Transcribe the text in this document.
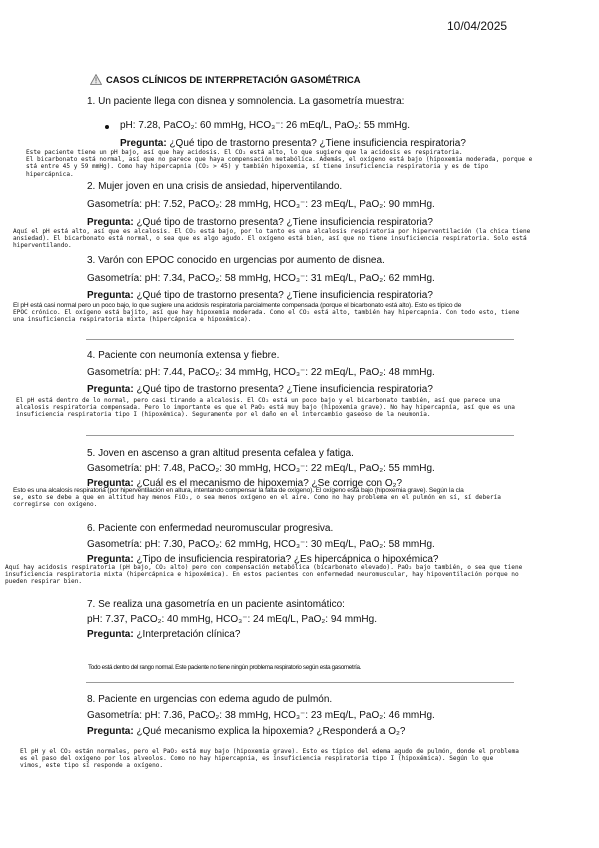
10/04/2025
CASOS CLÍNICOS DE INTERPRETACIÓN GASOMÉTRICA
1. Un paciente llega con disnea y somnolencia. La gasometría muestra:
pH: 7.28, PaCO₂: 60 mmHg, HCO₃⁻: 26 mEq/L, PaO₂: 55 mmHg.
Pregunta: ¿Qué tipo de trastorno presenta? ¿Tiene insuficiencia respiratoria?
Este paciente tiene un pH bajo, así que hay acidosis. El CO₂ está alto, lo que sugiere que la acidosis es respiratoria.
El bicarbonato está normal, así que no parece que haya compensación metabólica. Además, el oxígeno está bajo (hipoxemia moderada, porque e
stá entre 45 y 59 mmHg). Como hay hipercapnia (CO₂ > 45) y también hipoxemia, sí tiene insuficiencia respiratoria y es de tipo
hipercápnica.
2. Mujer joven en una crisis de ansiedad, hiperventilando.
Gasometría: pH: 7.52, PaCO₂: 28 mmHg, HCO₃⁻: 23 mEq/L, PaO₂: 90 mmHg.
Pregunta: ¿Qué tipo de trastorno presenta? ¿Tiene insuficiencia respiratoria?
Aquí el pH está alto, así que es alcalosis. El CO₂ está bajo, por lo tanto es una alcalosis respiratoria por hiperventilación (la chica tiene
ansiedad). El bicarbonato está normal, o sea que es algo agudo. El oxígeno está bien, así que no tiene insuficiencia respiratoria. Solo está
hiperventilando.
3. Varón con EPOC conocido en urgencias por aumento de disnea.
Gasometría: pH: 7.34, PaCO₂: 58 mmHg, HCO₃⁻: 31 mEq/L, PaO₂: 62 mmHg.
Pregunta: ¿Qué tipo de trastorno presenta? ¿Tiene insuficiencia respiratoria?
El pH está casi normal pero un poco bajo, lo que sugiere una acidosis respiratoria parcialmente compensada (porque el bicarbonato está alto). Esto es típico de
EPOC crónico. El oxígeno está bajito, así que hay hipoxemia moderada. Como el CO₂ está alto, también hay hipercapnia. Con todo esto, tiene
una insuficiencia respiratoria mixta (hipercápnica e hipoxémica).
4. Paciente con neumonía extensa y fiebre.
Gasometría: pH: 7.44, PaCO₂: 34 mmHg, HCO₃⁻: 22 mEq/L, PaO₂: 48 mmHg.
Pregunta: ¿Qué tipo de trastorno presenta? ¿Tiene insuficiencia respiratoria?
El pH está dentro de lo normal, pero casi tirando a alcalosis. El CO₂ está un poco bajo y el bicarbonato también, así que parece una
alcalosis respiratoria compensada. Pero lo importante es que el PaO₂ está muy bajo (hipoxemia grave). No hay hipercapnia, así que es una
insuficiencia respiratoria tipo I (hipoxémica). Seguramente por el daño en el intercambio gaseoso de la neumonía.
5. Joven en ascenso a gran altitud presenta cefalea y fatiga.
Gasometría: pH: 7.48, PaCO₂: 30 mmHg, HCO₃⁻: 22 mEq/L, PaO₂: 55 mmHg.
Pregunta: ¿Cuál es el mecanismo de hipoxemia? ¿Se corrige con O₂?
Esto es una alcalosis respiratoria (por hiperventilación en altura, intentando compensar la falta de oxígeno). El oxígeno está bajo (hipoxemia grave). Según la cla
se, esto se debe a que en altitud hay menos FiO₂, o sea menos oxígeno en el aire. Como no hay problema en el pulmón en sí, sí debería
corregirse con oxígeno.
6. Paciente con enfermedad neuromuscular progresiva.
Gasometría: pH: 7.30, PaCO₂: 62 mmHg, HCO₃⁻: 30 mEq/L, PaO₂: 58 mmHg.
Pregunta: ¿Tipo de insuficiencia respiratoria? ¿Es hipercápnica o hipoxémica?
Aquí hay acidosis respiratoria (pH bajo, CO₂ alto) pero con compensación metabólica (bicarbonato elevado). PaO₂ bajo también, o sea que tiene
insuficiencia respiratoria mixta (hipercápnica e hipoxémica). En estos pacientes con enfermedad neuromuscular, hay hipoventilación porque no
pueden respirar bien.
7. Se realiza una gasometría en un paciente asintomático:
pH: 7.37, PaCO₂: 40 mmHg, HCO₃⁻: 24 mEq/L, PaO₂: 94 mmHg.
Pregunta: ¿Interpretación clínica?
Todo está dentro del rango normal. Este paciente no tiene ningún problema respiratorio según esta gasometría.
8. Paciente en urgencias con edema agudo de pulmón.
Gasometría: pH: 7.36, PaCO₂: 38 mmHg, HCO₃⁻: 23 mEq/L, PaO₂: 46 mmHg.
Pregunta: ¿Qué mecanismo explica la hipoxemia? ¿Responderá a O₂?
El pH y el CO₂ están normales, pero el PaO₂ está muy bajo (hipoxemia grave). Esto es típico del edema agudo de pulmón, donde el problema
es el paso del oxígeno por los alveolos. Como no hay hipercapnia, es insuficiencia respiratoria tipo I (hipoxémica). Según lo que
vimos, este tipo sí responde a oxígeno.
